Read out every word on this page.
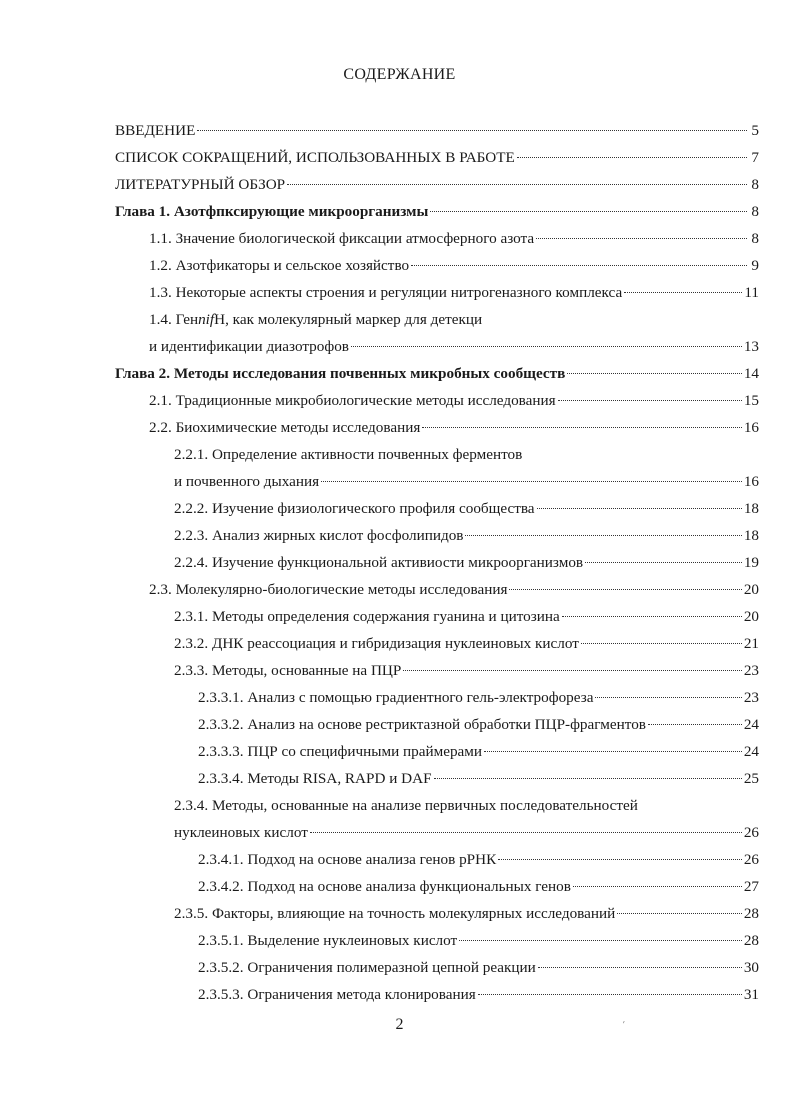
СОДЕРЖАНИЕ
ВВЕДЕНИЕ	5
СПИСОК СОКРАЩЕНИЙ, ИСПОЛЬЗОВАННЫХ В РАБОТЕ	7
ЛИТЕРАТУРНЫЙ ОБЗОР	8
Глава 1. Азотфпксирующие микроорганизмы	8
1.1. Значение биологической фиксации атмосферного азота	8
1.2. Азотфикаторы и сельское хозяйство	9
1.3. Некоторые аспекты строения и регуляции нитрогеназного комплекса	11
1.4. Ген nif H, как молекулярный маркер для детекци
и идентификации диазотрофов	13
Глава 2. Методы исследования почвенных микробных сообществ	14
2.1. Традиционные микробиологические методы исследования	15
2.2. Биохимические методы исследования	16
2.2.1. Определение активности почвенных ферментов
и почвенного дыхания	16
2.2.2. Изучение физиологического профиля сообщества	18
2.2.3. Анализ жирных кислот фосфолипидов	18
2.2.4. Изучение функциональной активиости микроорганизмов	19
2.3. Молекулярно-биологические методы исследования	20
2.3.1. Методы определения содержания гуанина и цитозина	20
2.3.2. ДНК реассоциация и гибридизация нуклеиновых кислот	21
2.3.3. Методы, основанные на ПЦР	23
2.3.3.1. Анализ с помощью градиентного гель-электрофореза	23
2.3.3.2. Анализ на основе рестриктазной обработки ПЦР-фрагментов	24
2.3.3.3. ПЦР со специфичными праймерами	24
2.3.3.4. Методы RISA, RAPD и DAF	25
2.3.4. Методы, основанные на анализе первичных последовательностей
нуклеиновых кислот	26
2.3.4.1. Подход на основе анализа генов рРНК	26
2.3.4.2. Подход на основе анализа функциональных генов	27
2.3.5. Факторы, влияющие на точность молекулярных исследований	28
2.3.5.1. Выделение нуклеиновых кислот	28
2.3.5.2. Ограничения полимеразной цепной реакции	30
2.3.5.3. Ограничения метода клонирования	31
2	´
